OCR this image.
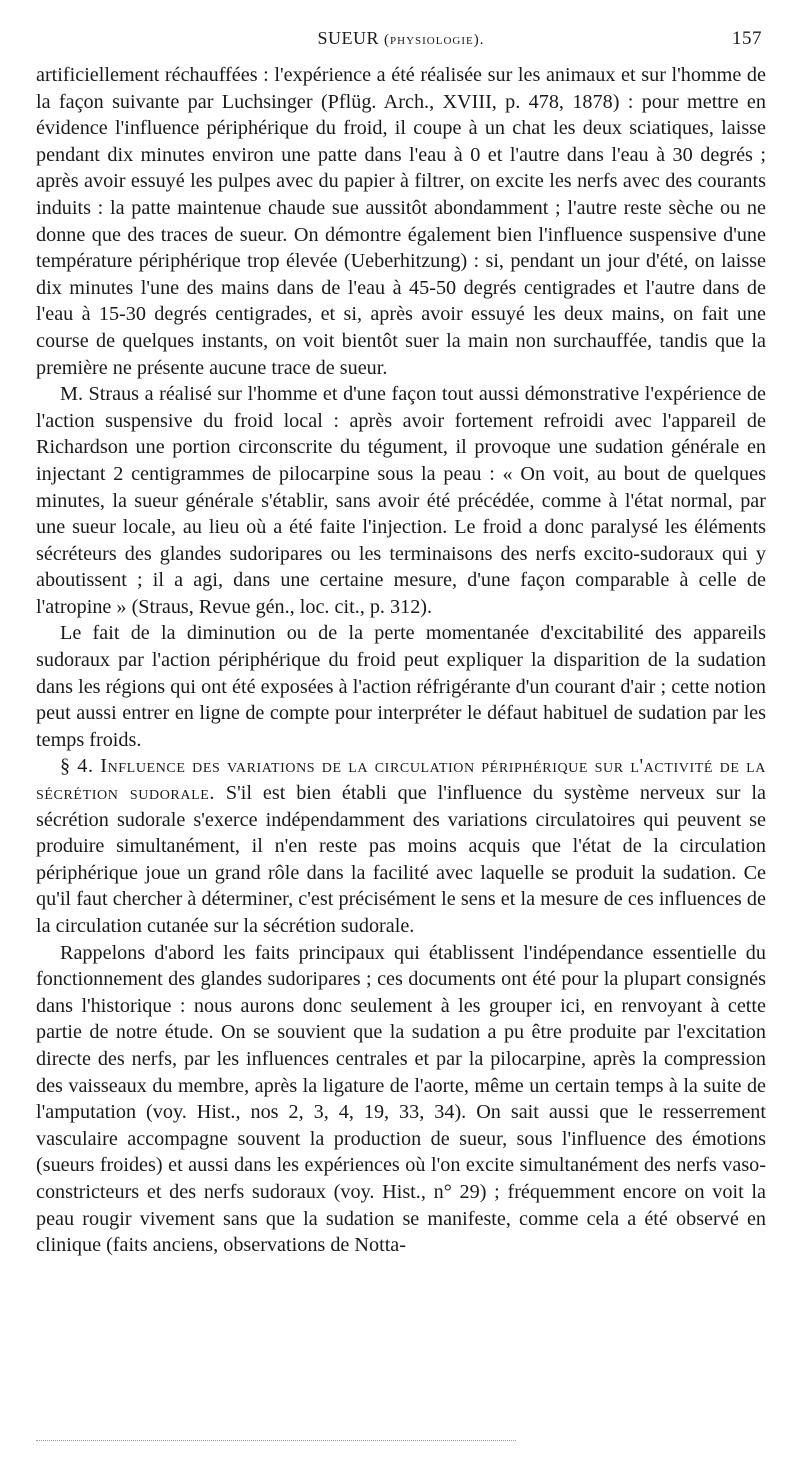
SUEUR (physiologie).	157

artificiellement réchauffées : l'expérience a été réalisée sur les animaux et sur l'homme de la façon suivante par Luchsinger (Pflüg. Arch., XVIII, p. 478, 1878) : pour mettre en évidence l'influence périphérique du froid, il coupe à un chat les deux sciatiques, laisse pendant dix minutes environ une patte dans l'eau à 0 et l'autre dans l'eau à 30 degrés ; après avoir essuyé les pulpes avec du papier à filtrer, on excite les nerfs avec des courants induits : la patte maintenue chaude sue aussitôt abondamment ; l'autre reste sèche ou ne donne que des traces de sueur. On démontre également bien l'influence suspensive d'une température périphérique trop élevée (Ueberhitzung) : si, pendant un jour d'été, on laisse dix minutes l'une des mains dans de l'eau à 45-50 degrés centigrades et l'autre dans de l'eau à 15-30 degrés centigrades, et si, après avoir essuyé les deux mains, on fait une course de quelques instants, on voit bientôt suer la main non surchauffée, tandis que la première ne présente aucune trace de sueur.

M. Straus a réalisé sur l'homme et d'une façon tout aussi démonstrative l'expérience de l'action suspensive du froid local : après avoir fortement refroidi avec l'appareil de Richardson une portion circonscrite du tégument, il provoque une sudation générale en injectant 2 centigrammes de pilocarpine sous la peau : « On voit, au bout de quelques minutes, la sueur générale s'établir, sans avoir été précédée, comme à l'état normal, par une sueur locale, au lieu où a été faite l'injection. Le froid a donc paralysé les éléments sécréteurs des glandes sudoripares ou les terminaisons des nerfs excito-sudoraux qui y aboutissent ; il a agi, dans une certaine mesure, d'une façon comparable à celle de l'atropine » (Straus, Revue gén., loc. cit., p. 312).

Le fait de la diminution ou de la perte momentanée d'excitabilité des appareils sudoraux par l'action périphérique du froid peut expliquer la disparition de la sudation dans les régions qui ont été exposées à l'action réfrigérante d'un courant d'air ; cette notion peut aussi entrer en ligne de compte pour interpréter le défaut habituel de sudation par les temps froids.

§ 4. Influence des variations de la circulation périphérique sur l'activité de la sécrétion sudorale. S'il est bien établi que l'influence du système nerveux sur la sécrétion sudorale s'exerce indépendamment des variations circulatoires qui peuvent se produire simultanément, il n'en reste pas moins acquis que l'état de la circulation périphérique joue un grand rôle dans la facilité avec laquelle se produit la sudation. Ce qu'il faut chercher à déterminer, c'est précisément le sens et la mesure de ces influences de la circulation cutanée sur la sécrétion sudorale.

Rappelons d'abord les faits principaux qui établissent l'indépendance essentielle du fonctionnement des glandes sudoripares ; ces documents ont été pour la plupart consignés dans l'historique : nous aurons donc seulement à les grouper ici, en renvoyant à cette partie de notre étude. On se souvient que la sudation a pu être produite par l'excitation directe des nerfs, par les influences centrales et par la pilocarpine, après la compression des vaisseaux du membre, après la ligature de l'aorte, même un certain temps à la suite de l'amputation (voy. Hist., nos 2, 3, 4, 19, 33, 34). On sait aussi que le resserrement vasculaire accompagne souvent la production de sueur, sous l'influence des émotions (sueurs froides) et aussi dans les expériences où l'on excite simultanément des nerfs vaso-constricteurs et des nerfs sudoraux (voy. Hist., n° 29) ; fréquemment encore on voit la peau rougir vivement sans que la sudation se manifeste, comme cela a été observé en clinique (faits anciens, observations de Notta-
